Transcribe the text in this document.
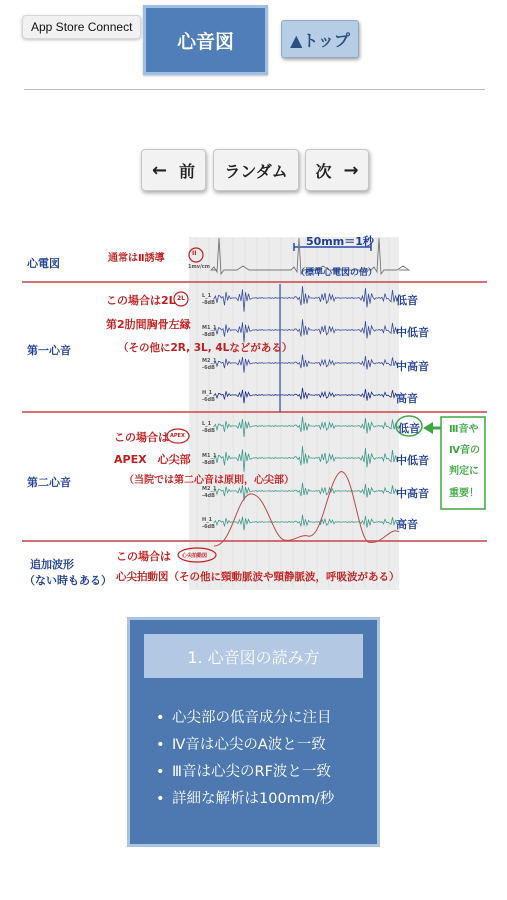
App Store Connect
心音図	▲トップ
← 前	ランダム	次 →
心電図
第一心音
第二心音
追加波形
（ない時もある）
通常はⅡ誘導	II
1mv/cm
50mm＝1秒
（標準心電図の倍）
この場合は2L 2L
第2肋間胸骨左縁
（その他に2R, 3L, 4Lなどがある）
この場合は APEX
APEX　心尖部
（当院では第二心音は原則，心尖部）
この場合は 心尖拍動図
心尖拍動図（その他に頸動脈波や頸静脈波，呼吸波がある）
低音
中低音
中高音
高音
低音
中低音
中高音
高音
L_1
-8dB
M1_1
-8dB
M2_1
-6dB
H_1
-6dB
L_1
-8dB
M1_1
-8dB
M2_1
-4dB
H_1
-6dB
Ⅲ音や
Ⅳ音の
判定に
重要！
1. 心音図の読み方
• 心尖部の低音成分に注目
• Ⅳ音は心尖のA波と一致
• Ⅲ音は心尖のRF波と一致
• 詳細な解析は100mm/秒
